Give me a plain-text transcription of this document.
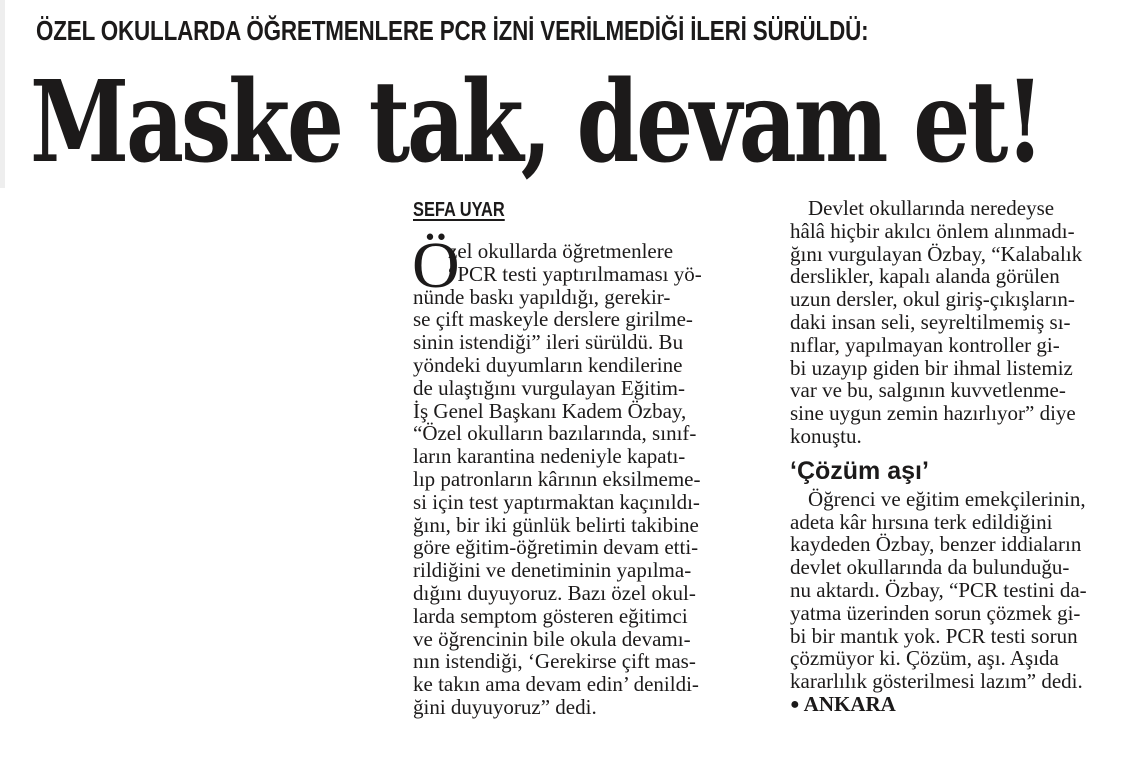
ÖZEL OKULLARDA ÖĞRETMENLERE PCR İZNİ VERİLMEDİĞİ İLERİ SÜRÜLDÜ:
Maske tak, devam et!
SEFA UYAR
Ö
zel okullarda öğretmenlere
“PCR testi yaptırılmaması yö-
nünde baskı yapıldığı, gerekir-
se çift maskeyle derslere girilme-
sinin istendiği” ileri sürüldü. Bu
yöndeki duyumların kendilerine
de ulaştığını vurgulayan Eğitim-
İş Genel Başkanı Kadem Özbay,
“Özel okulların bazılarında, sınıf-
ların karantina nedeniyle kapatı-
lıp patronların kârının eksilmeme-
si için test yaptırmaktan kaçınıldı-
ğını, bir iki günlük belirti takibine
göre eğitim-öğretimin devam etti-
rildiğini ve denetiminin yapılma-
dığını duyuyoruz. Bazı özel okul-
larda semptom gösteren eğitimci
ve öğrencinin bile okula devamı-
nın istendiği, ‘Gerekirse çift mas-
ke takın ama devam edin’ denildi-
ğini duyuyoruz” dedi.
Devlet okullarında neredeyse
hâlâ hiçbir akılcı önlem alınmadı-
ğını vurgulayan Özbay, “Kalabalık
derslikler, kapalı alanda görülen
uzun dersler, okul giriş-çıkışların-
daki insan seli, seyreltilmemiş sı-
nıflar, yapılmayan kontroller gi-
bi uzayıp giden bir ihmal listemiz
var ve bu, salgının kuvvetlenme-
sine uygun zemin hazırlıyor” diye
konuştu.
‘Çözüm aşı’
Öğrenci ve eğitim emekçilerinin,
adeta kâr hırsına terk edildiğini
kaydeden Özbay, benzer iddiaların
devlet okullarında da bulunduğu-
nu aktardı. Özbay, “PCR testini da-
yatma üzerinden sorun çözmek gi-
bi bir mantık yok. PCR testi sorun
çözmüyor ki. Çözüm, aşı. Aşıda
kararlılık gösterilmesi lazım” dedi.
● ANKARA
